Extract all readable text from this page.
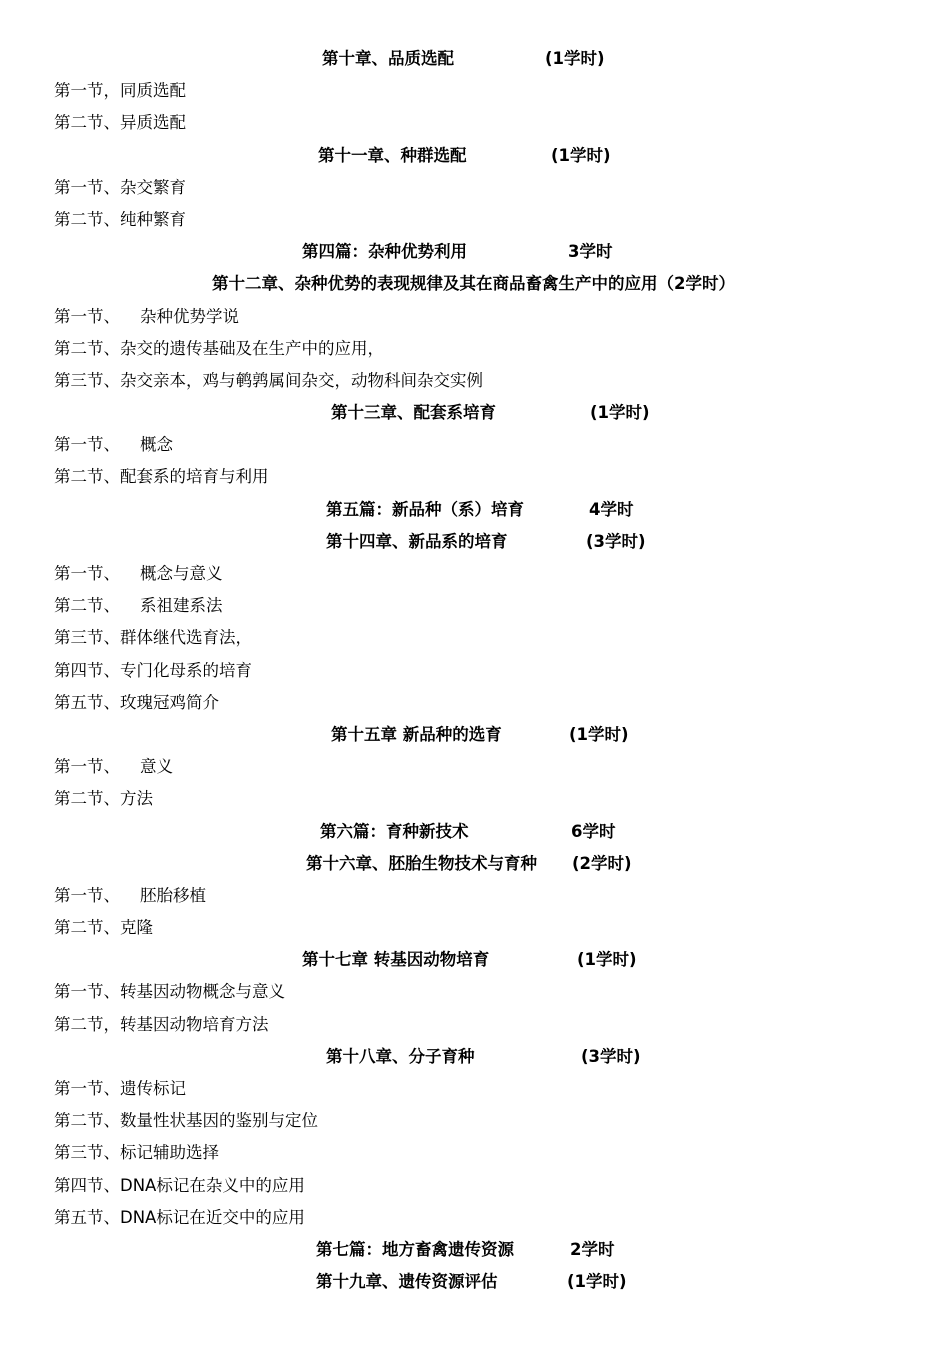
第十章、品质选配	(1学时)
第一节，同质选配
第二节、异质选配
第十一章、种群选配	(1学时)
第一节、杂交繁育
第二节、纯种繁育
第四篇：杂种优势利用	3学时
第十二章、杂种优势的表现规律及其在商品畜禽生产中的应用（2学时）
第一节、 杂种优势学说
第二节、杂交的遗传基础及在生产中的应用，
第三节、杂交亲本，鸡与鹌鹑属间杂交，动物科间杂交实例
第十三章、配套系培育	(1学时)
第一节、 概念
第二节、配套系的培育与利用
第五篇：新品种（系）培育	4学时
第十四章、新品系的培育	(3学时)
第一节、 概念与意义
第二节、 系祖建系法
第三节、群体继代选育法，
第四节、专门化母系的培育
第五节、玫瑰冠鸡简介
第十五章 新品种的选育	(1学时)
第一节、 意义
第二节、方法
第六篇：育种新技术	6学时
第十六章、胚胎生物技术与育种 (2学时)
第一节、 胚胎移植
第二节、克隆
第十七章 转基因动物培育	(1学时)
第一节、转基因动物概念与意义
第二节，转基因动物培育方法
第十八章、分子育种	(3学时)
第一节、遗传标记
第二节、数量性状基因的鉴别与定位
第三节、标记辅助选择
第四节、DNA标记在杂义中的应用
第五节、DNA标记在近交中的应用
第七篇：地方畜禽遗传资源	2学时
第十九章、遗传资源评估	(1学时)
